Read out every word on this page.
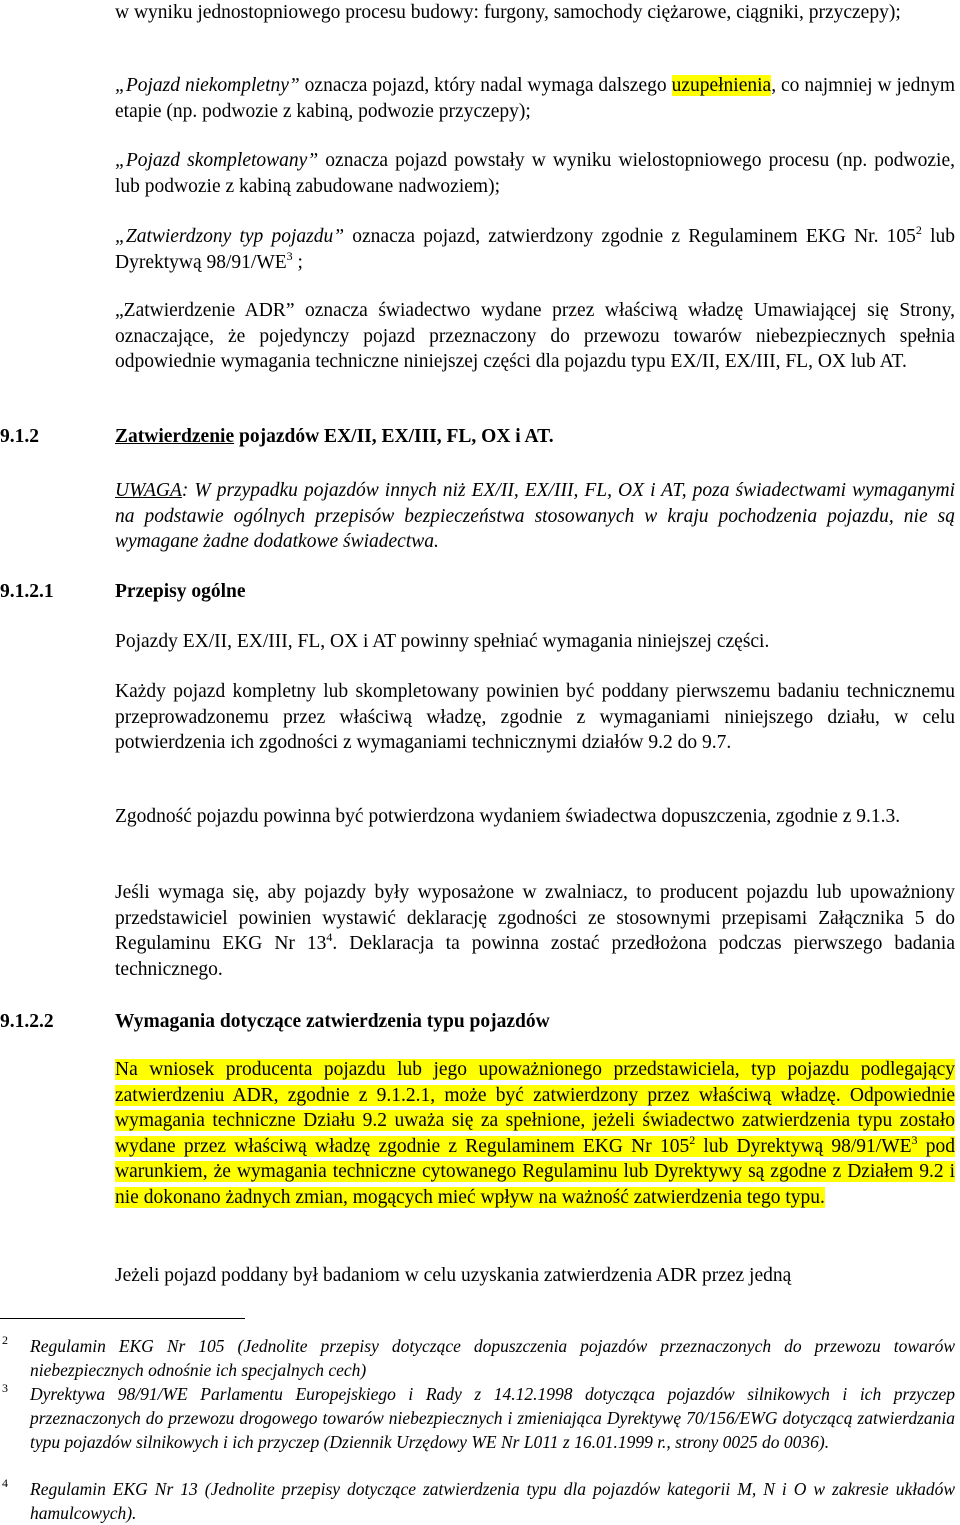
w wyniku jednostopniowego procesu budowy: furgony, samochody ciężarowe, ciągniki, przyczepy);

„Pojazd niekompletny” oznacza pojazd, który nadal wymaga dalszego uzupełnienia, co najmniej w jednym etapie (np. podwozie z kabiną, podwozie przyczepy);

„Pojazd skompletowany” oznacza pojazd powstały w wyniku wielostopniowego procesu (np. podwozie, lub podwozie z kabiną zabudowane nadwoziem);

„Zatwierdzony typ pojazdu” oznacza pojazd, zatwierdzony zgodnie z Regulaminem EKG Nr. $105^2$ lub Dyrektywą $98/91/WE^3$ ;

„Zatwierdzenie ADR” oznacza świadectwo wydane przez właściwą władzę Umawiającej się Strony, oznaczające, że pojedynczy pojazd przeznaczony do przewozu towarów niebezpiecznych spełnia odpowiednie wymagania techniczne niniejszej części dla pojazdu typu EX/II, EX/III, FL, OX lub AT.

9.1.2	Zatwierdzenie pojazdów EX/II, EX/III, FL, OX i AT.

UWAGA: W przypadku pojazdów innych niż EX/II, EX/III, FL, OX i AT, poza świadectwami wymaganymi na podstawie ogólnych przepisów bezpieczeństwa stosowanych w kraju pochodzenia pojazdu, nie są wymagane żadne dodatkowe świadectwa.

9.1.2.1	Przepisy ogólne

Pojazdy EX/II, EX/III, FL, OX i AT powinny spełniać wymagania niniejszej części.

Każdy pojazd kompletny lub skompletowany powinien być poddany pierwszemu badaniu technicznemu przeprowadzonemu przez właściwą władzę, zgodnie z wymaganiami niniejszego działu, w celu potwierdzenia ich zgodności z wymaganiami technicznymi działów 9.2 do 9.7.

Zgodność pojazdu powinna być potwierdzona wydaniem świadectwa dopuszczenia, zgodnie z 9.1.3.

Jeśli wymaga się, aby pojazdy były wyposażone w zwalniacz, to producent pojazdu lub upoważniony przedstawiciel powinien wystawić deklarację zgodności ze stosownymi przepisami Załącznika 5 do Regulaminu EKG Nr $13^4$. Deklaracja ta powinna zostać przedłożona podczas pierwszego badania technicznego.

9.1.2.2	Wymagania dotyczące zatwierdzenia typu pojazdów

Na wniosek producenta pojazdu lub jego upoważnionego przedstawiciela, typ pojazdu podlegający zatwierdzeniu ADR, zgodnie z 9.1.2.1, może być zatwierdzony przez właściwą władzę. Odpowiednie wymagania techniczne Działu 9.2 uważa się za spełnione, jeżeli świadectwo zatwierdzenia typu zostało wydane przez właściwą władzę zgodnie z Regulaminem EKG Nr $105^2$ lub Dyrektywą $98/91/WE^3$ pod warunkiem, że wymagania techniczne cytowanego Regulaminu lub Dyrektywy są zgodne z Działem 9.2 i nie dokonano żadnych zmian, mogących mieć wpływ na ważność zatwierdzenia tego typu.

Jeżeli pojazd poddany był badaniom w celu uzyskania zatwierdzenia ADR przez jedną

2 Regulamin EKG Nr 105 (Jednolite przepisy dotyczące dopuszczenia pojazdów przeznaczonych do przewozu towarów niebezpiecznych odnośnie ich specjalnych cech)

3 Dyrektywa 98/91/WE Parlamentu Europejskiego i Rady z 14.12.1998 dotycząca pojazdów silnikowych i ich przyczep przeznaczonych do przewozu drogowego towarów niebezpiecznych i zmieniająca Dyrektywę 70/156/EWG dotyczącą zatwierdzania typu pojazdów silnikowych i ich przyczep (Dziennik Urzędowy WE Nr L011 z 16.01.1999 r., strony 0025 do 0036).

4 Regulamin EKG Nr 13 (Jednolite przepisy dotyczące zatwierdzenia typu dla pojazdów kategorii M, N i O w zakresie układów hamulcowych).
